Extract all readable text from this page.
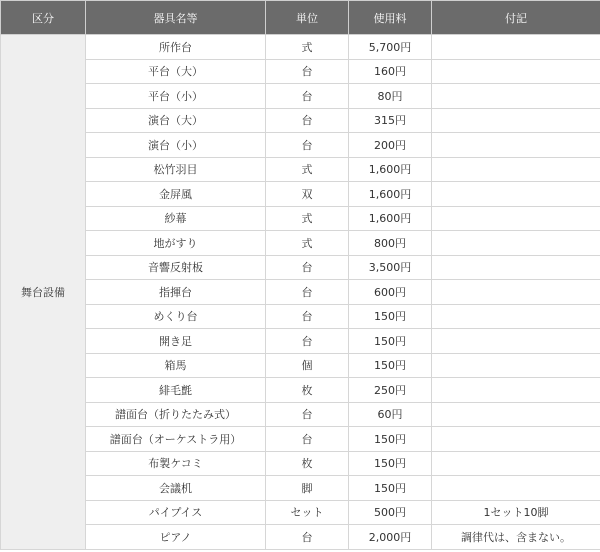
区分	器具名等	単位	使用料	付記
舞台設備	所作台	式	5,700円	
	平台（大）	台	160円	
	平台（小）	台	80円	
	演台（大）	台	315円	
	演台（小）	台	200円	
	松竹羽目	式	1,600円	
	金屏風	双	1,600円	
	紗幕	式	1,600円	
	地がすり	式	800円	
	音響反射板	台	3,500円	
	指揮台	台	600円	
	めくり台	台	150円	
	開き足	台	150円	
	箱馬	個	150円	
	緋毛氈	枚	250円	
	譜面台（折りたたみ式）	台	60円	
	譜面台（オーケストラ用）	台	150円	
	布製ケコミ	枚	150円	
	会議机	脚	150円	
	パイプイス	セット	500円	1セット10脚
	ピアノ	台	2,000円	調律代は、含まない。
